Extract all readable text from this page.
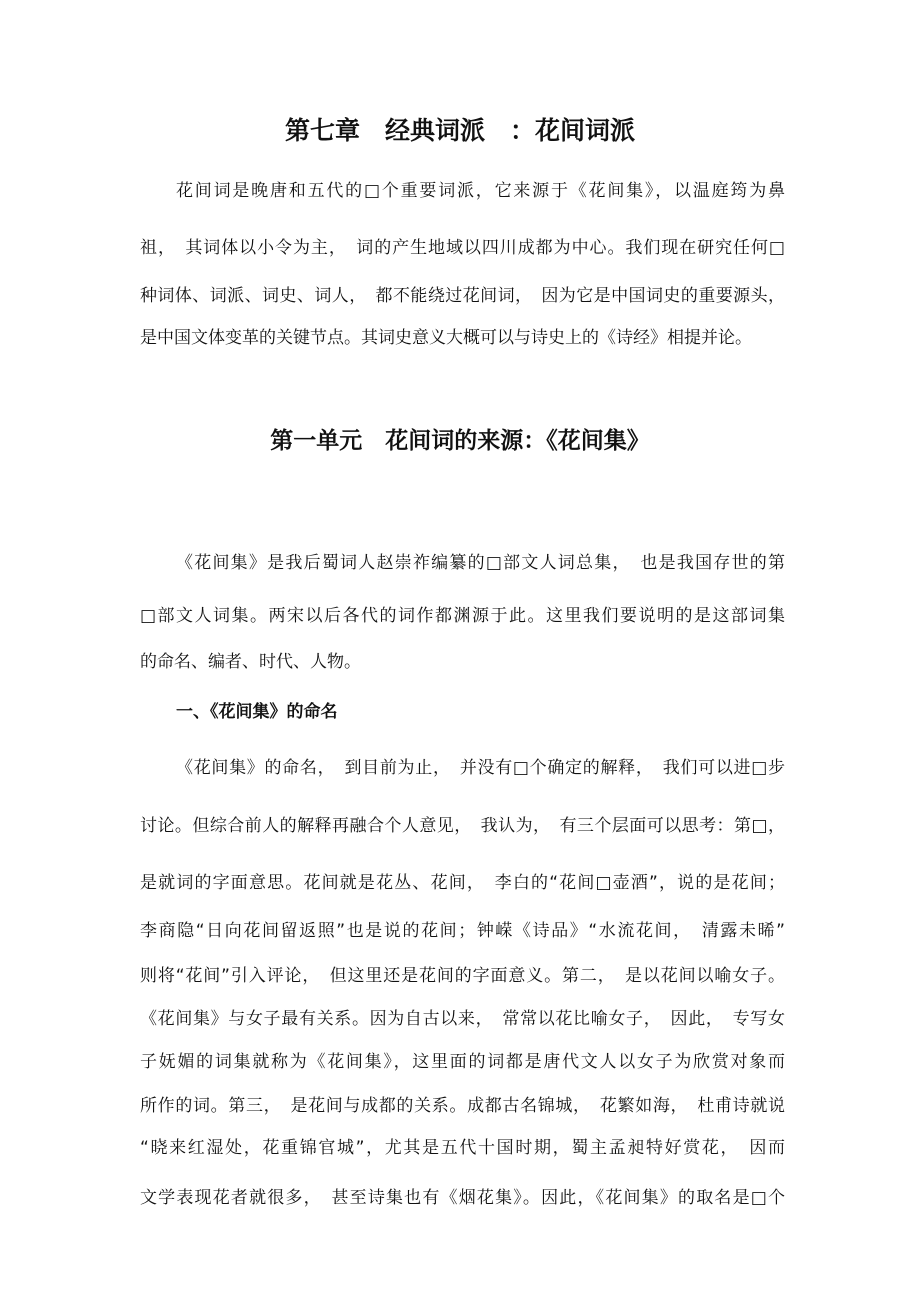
第七章　经典词派　：花间词派
花间词是晚唐和五代的□个重要词派，它来源于《花间集》，以温庭筠为鼻
祖，　其词体以小令为主，　词的产生地域以四川成都为中心。我们现在研究任何□
种词体、词派、词史、词人，　都不能绕过花间词，　因为它是中国词史的重要源头，
是中国文体变革的关键节点。其词史意义大概可以与诗史上的《诗经》相提并论。
第一单元　花间词的来源：《花间集》
《花间集》是我后蜀词人赵崇祚编纂的□部文人词总集，　也是我国存世的第
□部文人词集。两宋以后各代的词作都渊源于此。这里我们要说明的是这部词集
的命名、编者、时代、人物。
一、《花间集》的命名
《花间集》的命名，　到目前为止，　并没有□个确定的解释，　我们可以进□步
讨论。但综合前人的解释再融合个人意见，　我认为，　有三个层面可以思考：第□，
是就词的字面意思。花间就是花丛、花间，　李白的“花间□壶酒”，说的是花间；
李商隐“日向花间留返照”也是说的花间；钟嵘《诗品》“水流花间，　清露未晞”
则将“花间”引入评论，　但这里还是花间的字面意义。第二，　是以花间以喻女子。
《花间集》与女子最有关系。因为自古以来，　常常以花比喻女子，　因此，　专写女
子妩媚的词集就称为《花间集》，这里面的词都是唐代文人以女子为欣赏对象而
所作的词。第三，　是花间与成都的关系。成都古名锦城，　花繁如海，　杜甫诗就说
“晓来红湿处，花重锦官城”，尤其是五代十国时期，蜀主孟昶特好赏花，　因而
文学表现花者就很多，　甚至诗集也有《烟花集》。因此，《花间集》的取名是□个
